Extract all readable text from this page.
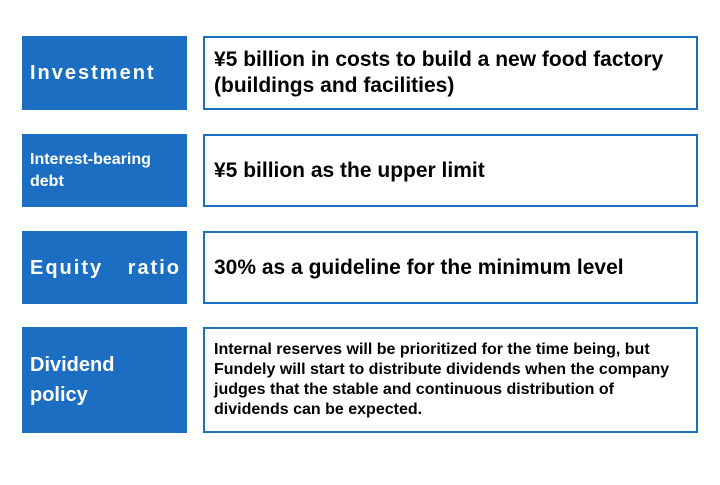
Investment
¥5 billion in costs to build a new food factory (buildings and facilities)
Interest-bearing
debt	¥5 billion as the upper limit
Equity ratio 30% as a guideline for the minimum level
Dividend
policy
Internal reserves will be prioritized for the time being, but Fundely will start to distribute dividends when the company judges that the stable and continuous distribution of dividends can be expected.
